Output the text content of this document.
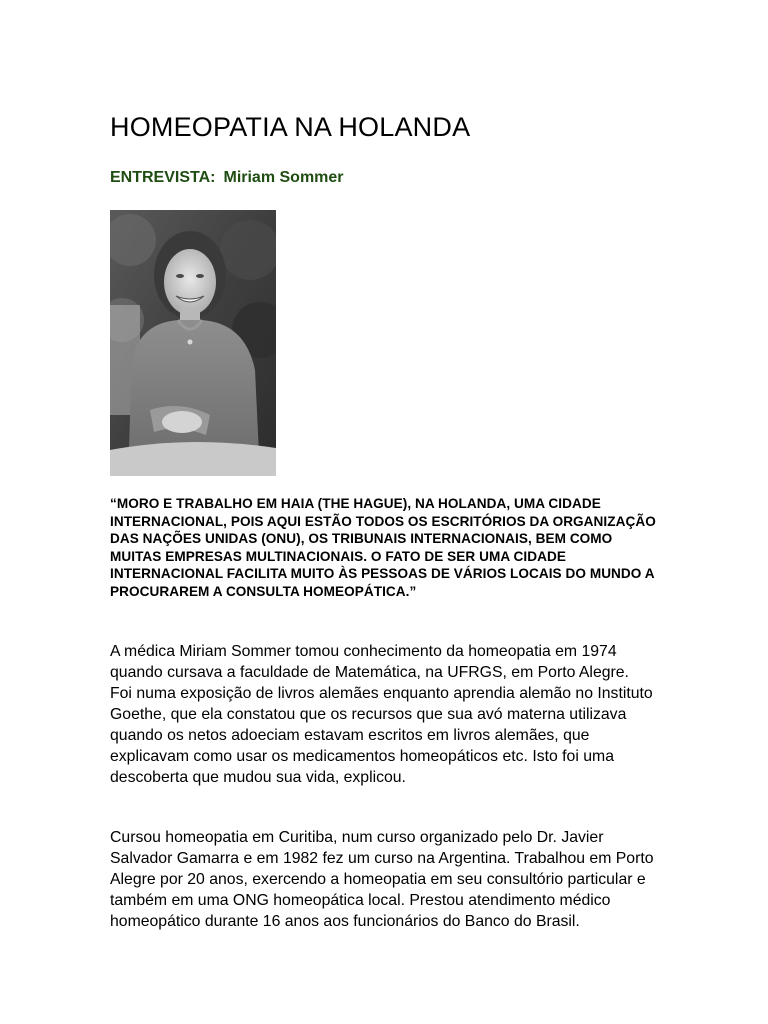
HOMEOPATIA NA HOLANDA

ENTREVISTA: Miriam Sommer

“MORO E TRABALHO EM HAIA (THE HAGUE), NA HOLANDA, UMA CIDADE INTERNACIONAL, POIS AQUI ESTÃO TODOS OS ESCRITÓRIOS DA ORGANIZAÇÃO DAS NAÇÕES UNIDAS (ONU), OS TRIBUNAIS INTERNACIONAIS, BEM COMO MUITAS EMPRESAS MULTINACIONAIS. O FATO DE SER UMA CIDADE INTERNACIONAL FACILITA MUITO ÀS PESSOAS DE VÁRIOS LOCAIS DO MUNDO A PROCURAREM A CONSULTA HOMEOPÁTICA.”

A médica Miriam Sommer tomou conhecimento da homeopatia em 1974 quando cursava a faculdade de Matemática, na UFRGS, em Porto Alegre. Foi numa exposição de livros alemães enquanto aprendia alemão no Instituto Goethe, que ela constatou que os recursos que sua avó materna utilizava quando os netos adoeciam estavam escritos em livros alemães, que explicavam como usar os medicamentos homeopáticos etc. Isto foi uma descoberta que mudou sua vida, explicou.

Cursou homeopatia em Curitiba, num curso organizado pelo Dr. Javier Salvador Gamarra e em 1982 fez um curso na Argentina. Trabalhou em Porto Alegre por 20 anos, exercendo a homeopatia em seu consultório particular e também em uma ONG homeopática local. Prestou atendimento médico homeopático durante 16 anos aos funcionários do Banco do Brasil.
